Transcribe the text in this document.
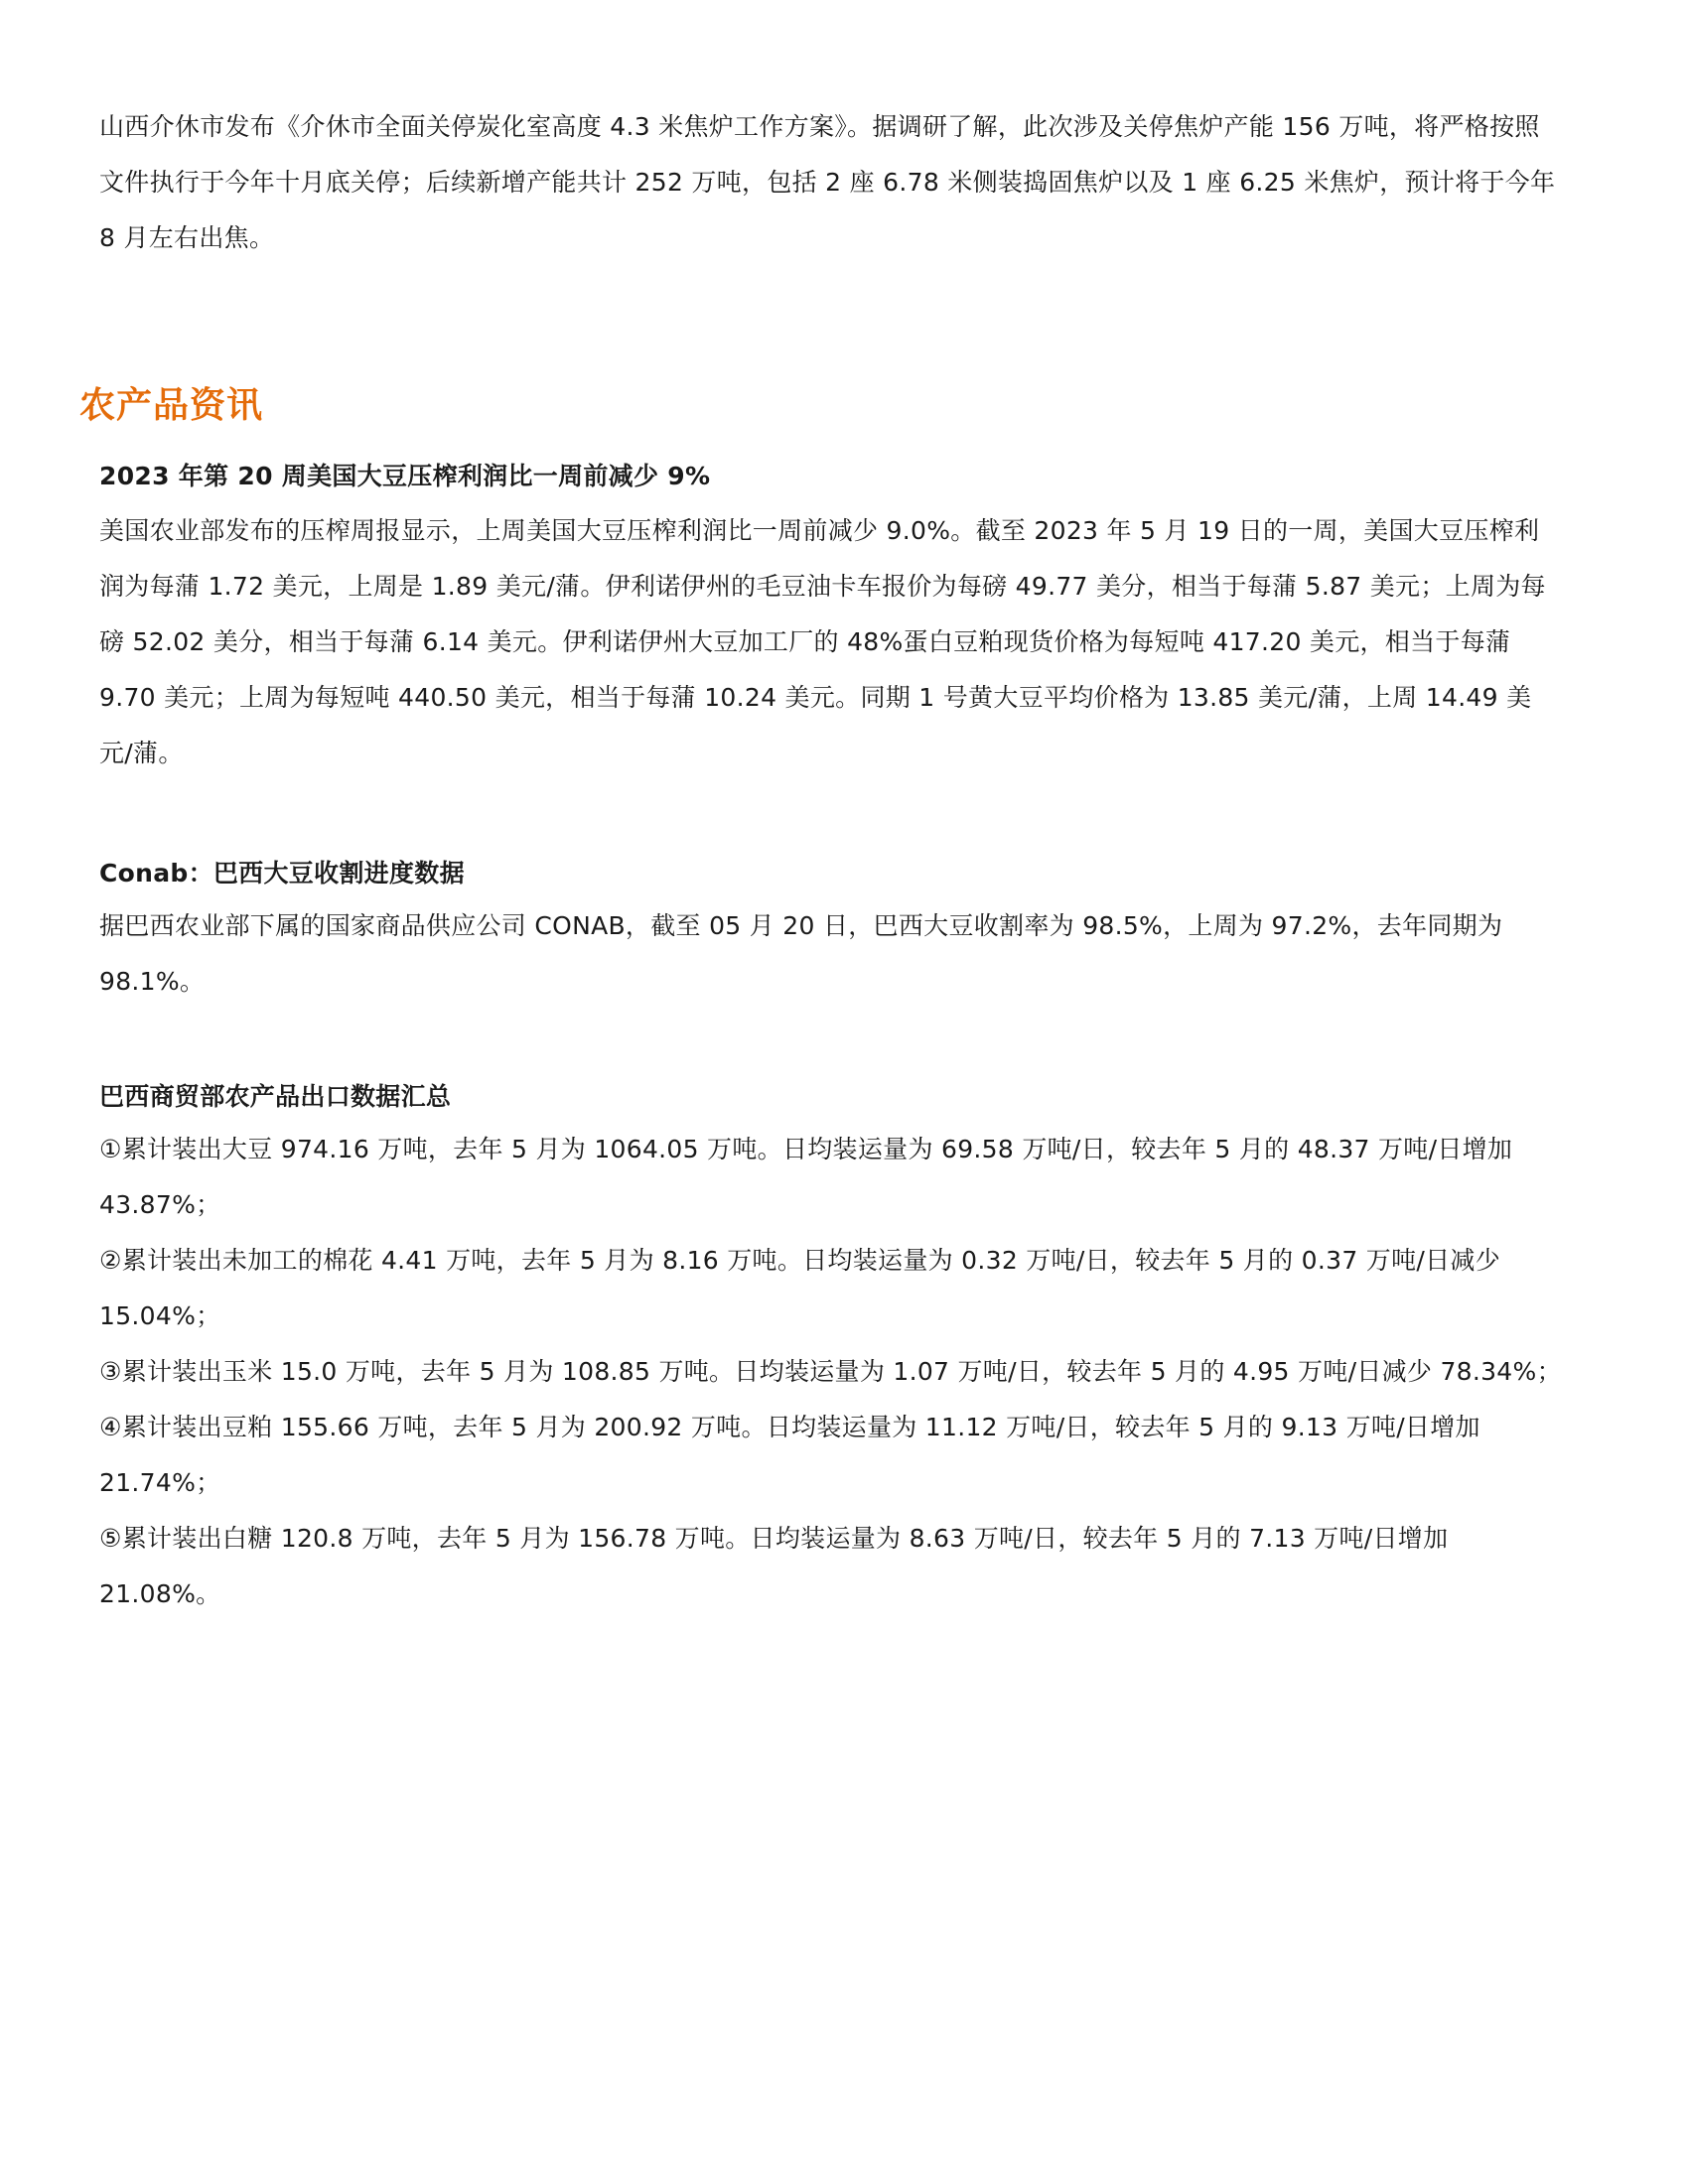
山西介休市发布《介休市全面关停炭化室高度 4.3 米焦炉工作方案》。据调研了解，此次涉及关停焦炉产能 156 万吨，将严格按照文件执行于今年十月底关停；后续新增产能共计 252 万吨，包括 2 座 6.78 米侧装捣固焦炉以及 1 座 6.25 米焦炉，预计将于今年 8 月左右出焦。

农产品资讯
2023 年第 20 周美国大豆压榨利润比一周前减少 9%

美国农业部发布的压榨周报显示，上周美国大豆压榨利润比一周前减少 9.0%。截至 2023 年 5 月 19 日的一周，美国大豆压榨利润为每蒲 1.72 美元，上周是 1.89 美元/蒲。伊利诺伊州的毛豆油卡车报价为每磅 49.77 美分，相当于每蒲 5.87 美元；上周为每磅 52.02 美分，相当于每蒲 6.14 美元。伊利诺伊州大豆加工厂的 48%蛋白豆粕现货价格为每短吨 417.20 美元，相当于每蒲 9.70 美元；上周为每短吨 440.50 美元，相当于每蒲 10.24 美元。同期 1 号黄大豆平均价格为 13.85 美元/蒲，上周 14.49 美元/蒲。

Conab：巴西大豆收割进度数据

据巴西农业部下属的国家商品供应公司 CONAB，截至 05 月 20 日，巴西大豆收割率为 98.5%，上周为 97.2%，去年同期为 98.1%。

巴西商贸部农产品出口数据汇总
①累计装出大豆 974.16 万吨，去年 5 月为 1064.05 万吨。日均装运量为 69.58 万吨/日，较去年 5 月的 48.37 万吨/日增加 43.87%；
②累计装出未加工的棉花 4.41 万吨，去年 5 月为 8.16 万吨。日均装运量为 0.32 万吨/日，较去年 5 月的 0.37 万吨/日减少 15.04%；
③累计装出玉米 15.0 万吨，去年 5 月为 108.85 万吨。日均装运量为 1.07 万吨/日，较去年 5 月的 4.95 万吨/日减少 78.34%；
④累计装出豆粕 155.66 万吨，去年 5 月为 200.92 万吨。日均装运量为 11.12 万吨/日，较去年 5 月的 9.13 万吨/日增加 21.74%；
⑤累计装出白糖 120.8 万吨，去年 5 月为 156.78 万吨。日均装运量为 8.63 万吨/日，较去年 5 月的 7.13 万吨/日增加 21.08%。
